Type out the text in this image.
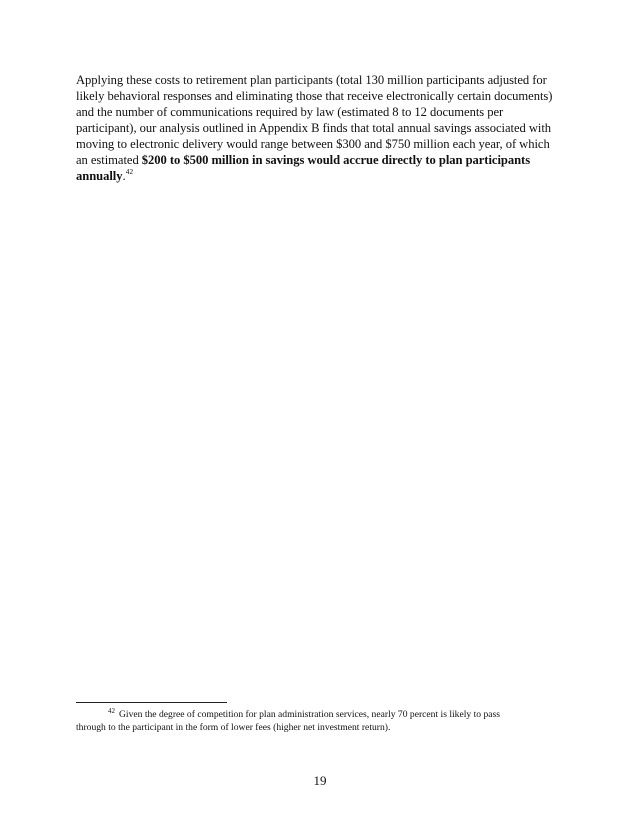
Applying these costs to retirement plan participants (total 130 million participants adjusted for
likely behavioral responses and eliminating those that receive electronically certain documents)
and the number of communications required by law (estimated 8 to 12 documents per
participant), our analysis outlined in Appendix B finds that total annual savings associated with
moving to electronic delivery would range between $300 and $750 million each year, of which
an estimated $200 to $500 million in savings would accrue directly to plan participants
annually.$^{42}$

$^{42}$ Given the degree of competition for plan administration services, nearly 70 percent is likely to pass
through to the participant in the form of lower fees (higher net investment return).

19
